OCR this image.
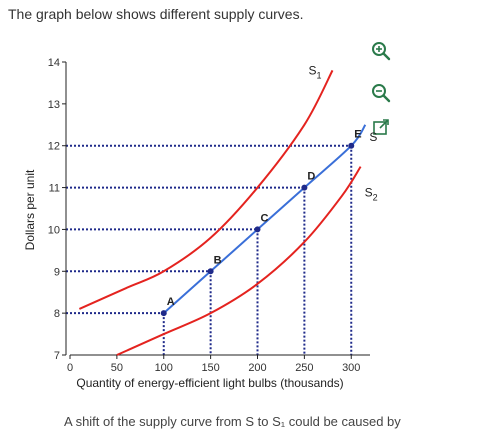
The graph below shows different supply curves.
Dollars per unit
Quantity of energy-efficient light bulbs (thousands)
7
8
9
10
11
12
13
14
0	50	100	150	200	250	300
S
$S_1$
$S_2$
A
B
C
D
E
A shift of the supply curve from S to S₁ could be caused by
